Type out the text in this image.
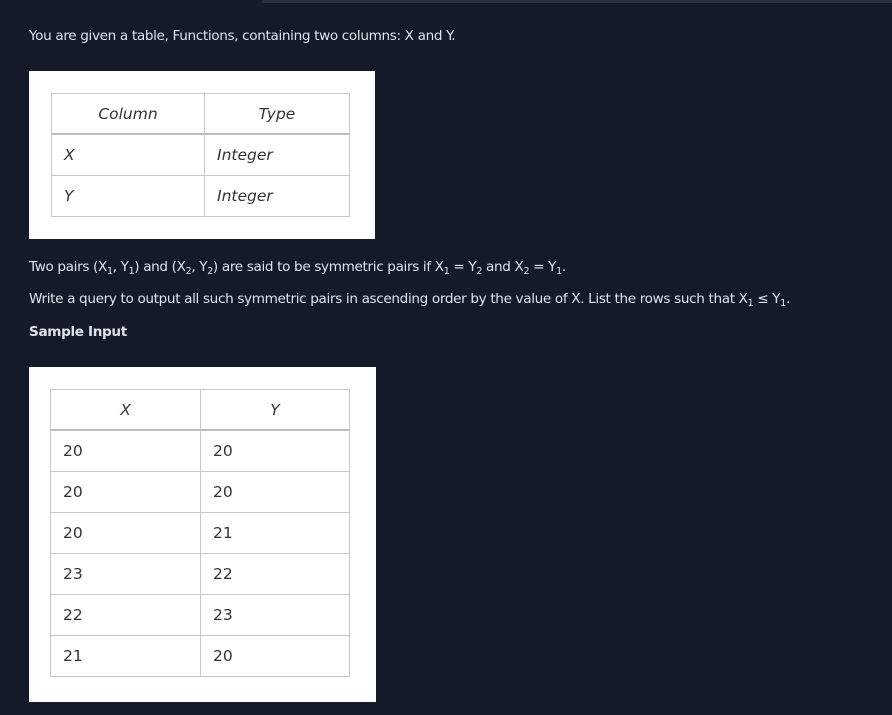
You are given a table, Functions, containing two columns: X and Y.
Column	Type
X	Integer
Y	Integer
Two pairs ($X_1$, $Y_1$) and ($X_2$, $Y_2$) are said to be symmetric pairs if $X_1 = Y_2$ and $X_2 = Y_1$.
Write a query to output all such symmetric pairs in ascending order by the value of X. List the rows such that $X_1 \le Y_1$.
Sample Input
X	Y
20	20
20	20
20	21
23	22
22	23
21	20
